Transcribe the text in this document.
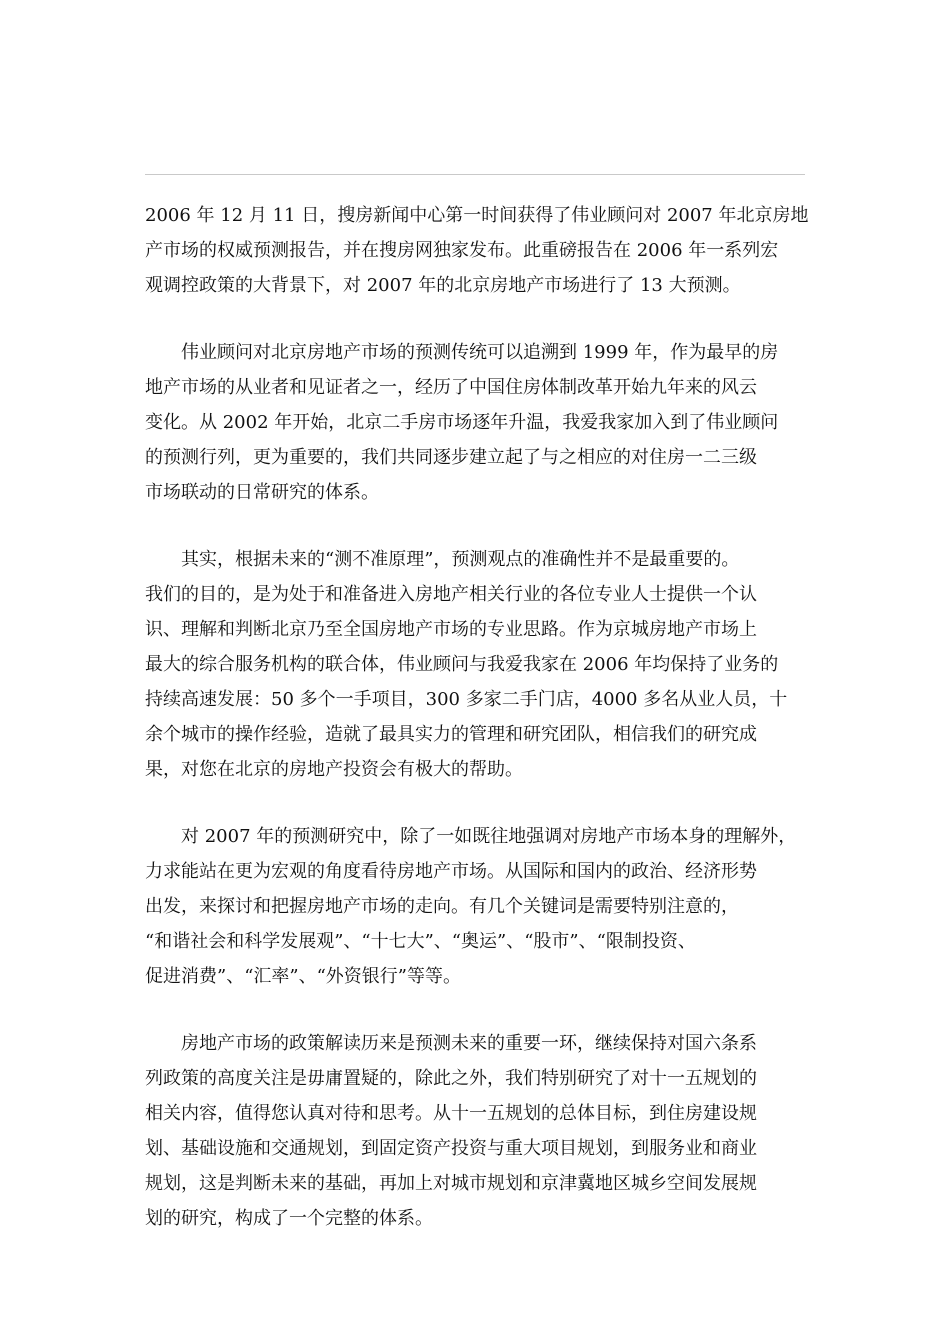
2006 年 12 月 11 日，搜房新闻中心第一时间获得了伟业顾问对 2007 年北京房地
产市场的权威预测报告，并在搜房网独家发布。此重磅报告在 2006 年一系列宏
观调控政策的大背景下，对 2007 年的北京房地产市场进行了 13 大预测。

伟业顾问对北京房地产市场的预测传统可以追溯到 1999 年，作为最早的房
地产市场的从业者和见证者之一，经历了中国住房体制改革开始九年来的风云
变化。从 2002 年开始，北京二手房市场逐年升温，我爱我家加入到了伟业顾问
的预测行列，更为重要的，我们共同逐步建立起了与之相应的对住房一二三级
市场联动的日常研究的体系。

其实，根据未来的“测不准原理”，预测观点的准确性并不是最重要的。
我们的目的，是为处于和准备进入房地产相关行业的各位专业人士提供一个认
识、理解和判断北京乃至全国房地产市场的专业思路。作为京城房地产市场上
最大的综合服务机构的联合体，伟业顾问与我爱我家在 2006 年均保持了业务的
持续高速发展：50 多个一手项目，300 多家二手门店，4000 多名从业人员，十
余个城市的操作经验，造就了最具实力的管理和研究团队，相信我们的研究成
果，对您在北京的房地产投资会有极大的帮助。

对 2007 年的预测研究中，除了一如既往地强调对房地产市场本身的理解外，
力求能站在更为宏观的角度看待房地产市场。从国际和国内的政治、经济形势
出发，来探讨和把握房地产市场的走向。有几个关键词是需要特别注意的，
“和谐社会和科学发展观”、“十七大”、“奥运”、“股市”、“限制投资、
促进消费”、“汇率”、“外资银行”等等。

房地产市场的政策解读历来是预测未来的重要一环，继续保持对国六条系
列政策的高度关注是毋庸置疑的，除此之外，我们特别研究了对十一五规划的
相关内容，值得您认真对待和思考。从十一五规划的总体目标，到住房建设规
划、基础设施和交通规划，到固定资产投资与重大项目规划，到服务业和商业
规划，这是判断未来的基础，再加上对城市规划和京津冀地区城乡空间发展规
划的研究，构成了一个完整的体系。
